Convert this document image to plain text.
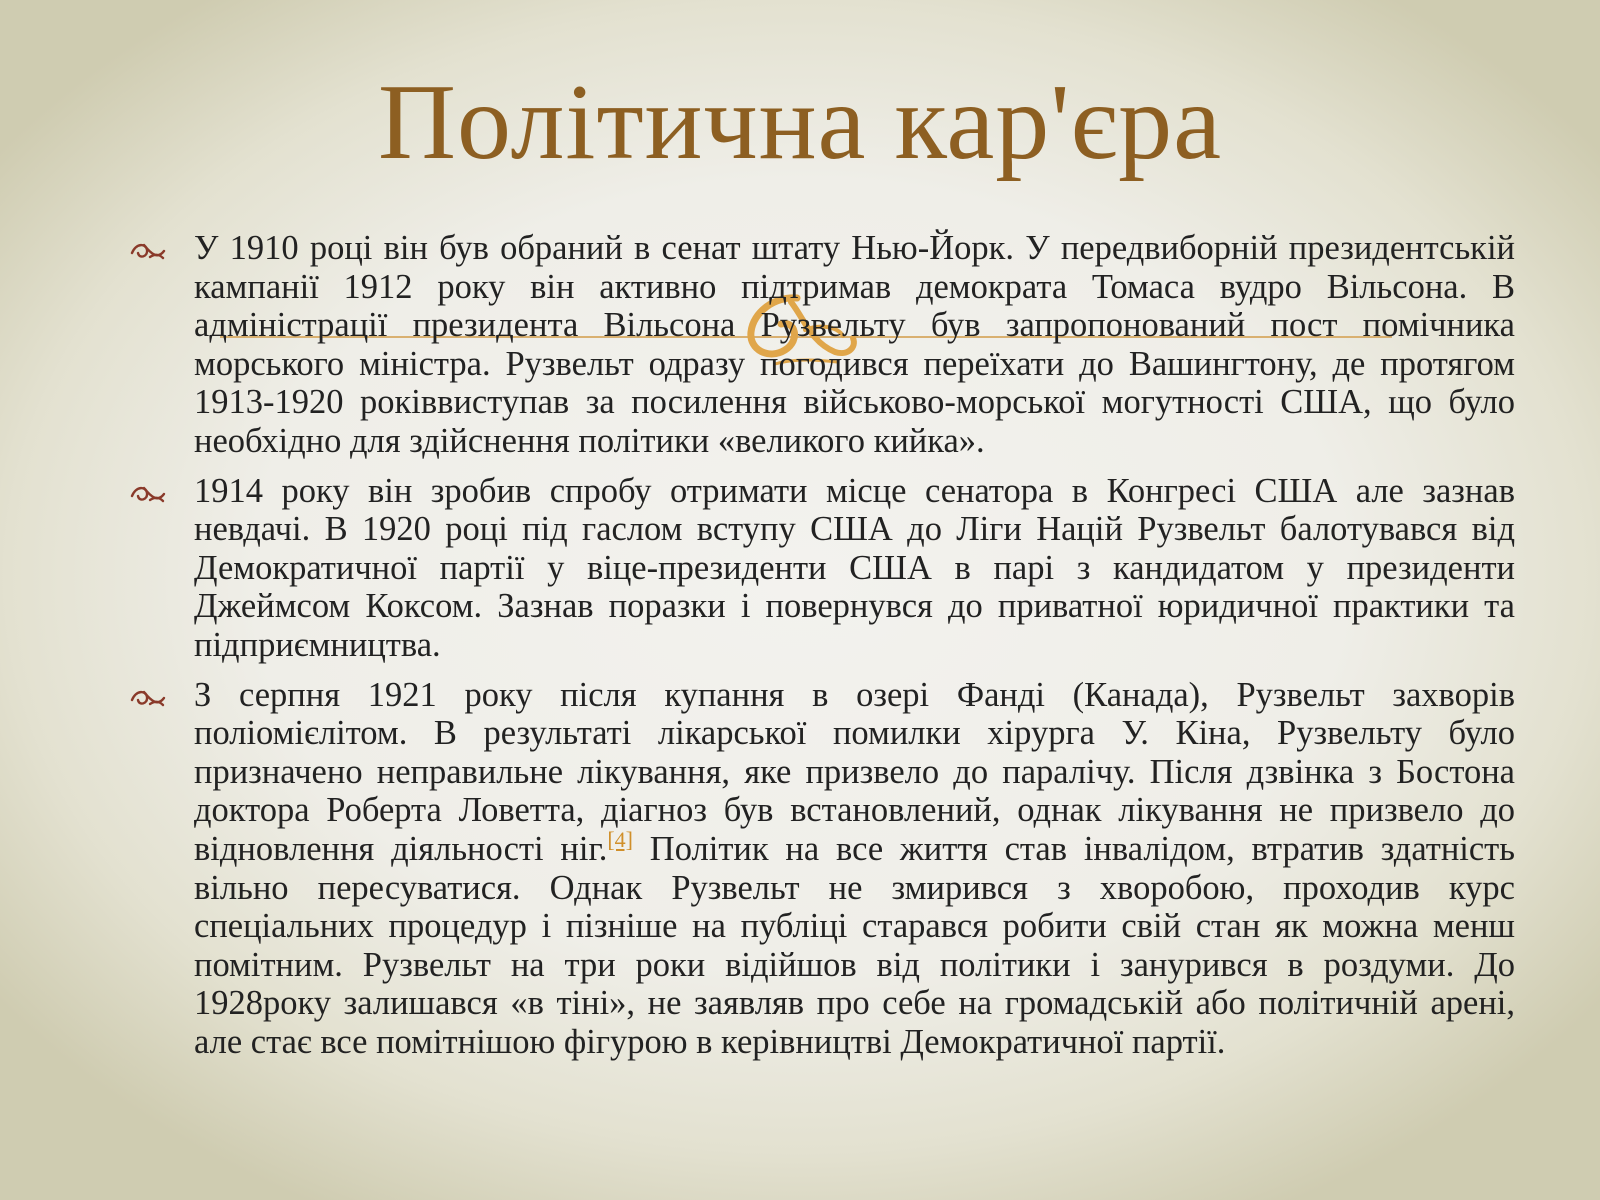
Політична кар'єра
У 1910 році він був обраний в сенат штату Нью-Йорк. У передвиборній президентській кампанії 1912 року він активно підтримав демократа Томаса вудро Вільсона. В адміністрації президента Вільсона Рузвельту був запропонований пост помічника морського міністра. Рузвельт одразу погодився переїхати до Вашингтону, де протягом 1913-1920 роківвиступав за посилення військово-морської могутності США, що було необхідно для здійснення політики «великого кийка».
1914 року він зробив спробу отримати місце сенатора в Конгресі США але зазнав невдачі. В 1920 році під гаслом вступу США до Ліги Націй Рузвельт балотувався від Демократичної партії у віце-президенти США в парі з кандидатом у президенти Джеймсом Коксом. Зазнав поразки і повернувся до приватної юридичної практики та підприємництва.
З серпня 1921 року після купання в озері Фанді (Канада), Рузвельт захворів поліомієлітом. В результаті лікарської помилки хірурга У. Кіна, Рузвельту було призначено неправильне лікування, яке призвело до паралічу. Після дзвінка з Бостона доктора Роберта Ловетта, діагноз був встановлений, однак лікування не призвело до відновлення діяльності ніг.[4] Політик на все життя став інвалідом, втратив здатність вільно пересуватися. Однак Рузвельт не змирився з хворобою, проходив курс спеціальних процедур і пізніше на публіці старався робити свій стан як можна менш помітним. Рузвельт на три роки відійшов від політики і занурився в роздуми. До 1928року залишався «в тіні», не заявляв про себе на громадській або політичній арені, але стає все помітнішою фігурою в керівництві Демократичної партії.
